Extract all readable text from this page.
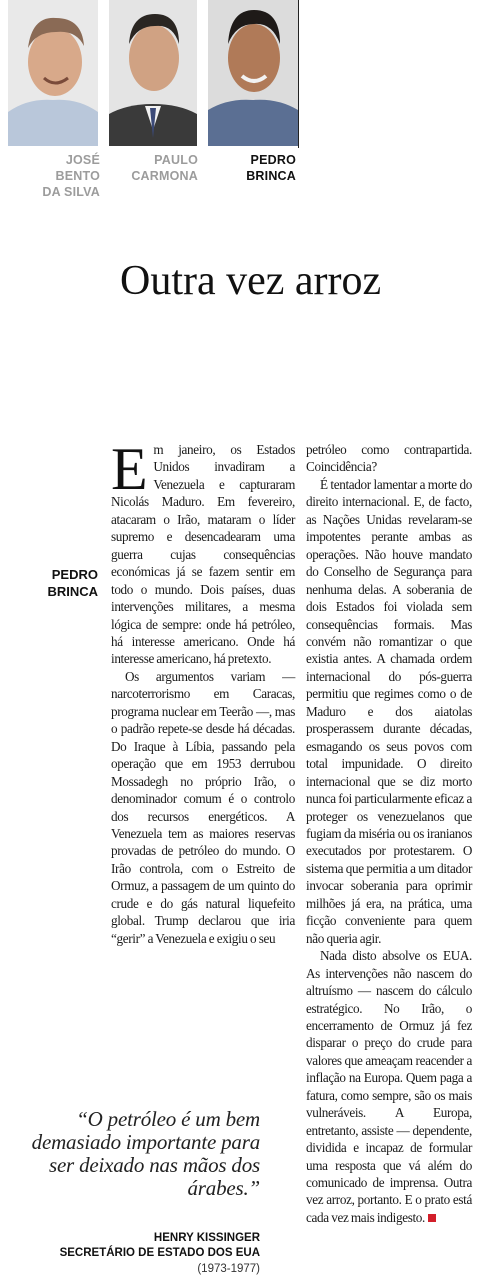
JOSÉ BENTO
DA SILVA
PAULO
CARMONA
PEDRO
BRINCA
Outra vez arroz
PEDRO
BRINCA

Em janeiro, os Estados Unidos invadiram a Venezuela e capturaram Nicolás Maduro. Em fevereiro, atacaram o Irão, mataram o líder supremo e desencadearam uma guerra cujas consequências económicas já se fazem sentir em todo o mundo. Dois países, duas intervenções militares, a mesma lógica de sempre: onde há petróleo, há interesse americano. Onde há interesse americano, há pretexto.

Os argumentos variam — narcoterrorismo em Caracas, programa nuclear em Teerão —, mas o padrão repete-se desde há décadas. Do Iraque à Líbia, passando pela operação que em 1953 derrubou Mossadegh no próprio Irão, o denominador comum é o controlo dos recursos energéticos. A Venezuela tem as maiores reservas provadas de petróleo do mundo. O Irão controla, com o Estreito de Ormuz, a passagem de um quinto do crude e do gás natural liquefeito global. Trump declarou que iria “gerir” a Venezuela e exigiu o seu

petróleo como contrapartida. Coincidência?

É tentador lamentar a morte do direito internacional. E, de facto, as Nações Unidas revelaram-se impotentes perante ambas as operações. Não houve mandato do Conselho de Segurança para nenhuma delas. A soberania de dois Estados foi violada sem consequências formais. Mas convém não romantizar o que existia antes. A chamada ordem internacional do pós-guerra permitiu que regimes como o de Maduro e dos aiatolas prosperassem durante décadas, esmagando os seus povos com total impunidade. O direito internacional que se diz morto nunca foi particularmente eficaz a proteger os venezuelanos que fugiam da miséria ou os iranianos executados por protestarem. O sistema que permitia a um ditador invocar soberania para oprimir milhões já era, na prática, uma ficção conveniente para quem não queria agir.

Nada disto absolve os EUA. As intervenções não nascem do altruísmo — nascem do cálculo estratégico. No Irão, o encerramento de Ormuz já fez disparar o preço do crude para valores que ameaçam reacender a inflação na Europa. Quem paga a fatura, como sempre, são os mais vulneráveis. A Europa, entretanto, assiste — dependente, dividida e incapaz de formular uma resposta que vá além do comunicado de imprensa. Outra vez arroz, portanto. E o prato está cada vez mais indigesto.

“O petróleo é um bem demasiado importante para ser deixado nas mãos dos árabes.”
HENRY KISSINGER
SECRETÁRIO DE ESTADO DOS EUA
(1973-1977)
